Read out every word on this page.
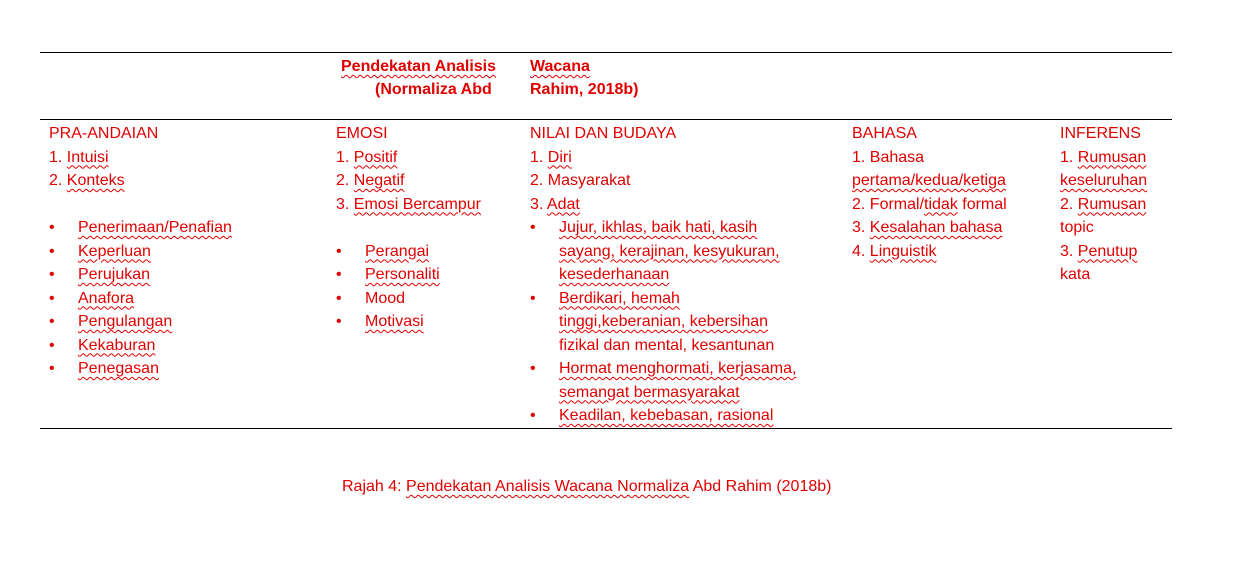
Pendekatan Analisis Wacana
(Normaliza Abd Rahim, 2018b)
PRA-ANDAIAN
1. Intuisi
2. Konteks
• Penerimaan/Penafian
• Keperluan
• Perujukan
• Anafora
• Pengulangan
• Kekaburan
• Penegasan
EMOSI
1. Positif
2. Negatif
3. Emosi Bercampur
• Perangai
• Personaliti
• Mood
• Motivasi
NILAI DAN BUDAYA
1. Diri
2. Masyarakat
3. Adat
• Jujur, ikhlas, baik hati, kasih
sayang, kerajinan, kesyukuran,
kesederhanaan
• Berdikari, hemah
tinggi,keberanian, kebersihan
fizikal dan mental, kesantunan
• Hormat menghormati, kerjasama,
semangat bermasyarakat
• Keadilan, kebebasan, rasional
BAHASA
1. Bahasa
pertama/kedua/ketiga
2. Formal/tidak formal
3. Kesalahan bahasa
4. Linguistik
INFERENS
1. Rumusan
keseluruhan
2. Rumusan
topic
3. Penutup
kata
Rajah 4: Pendekatan Analisis Wacana Normaliza Abd Rahim (2018b)
